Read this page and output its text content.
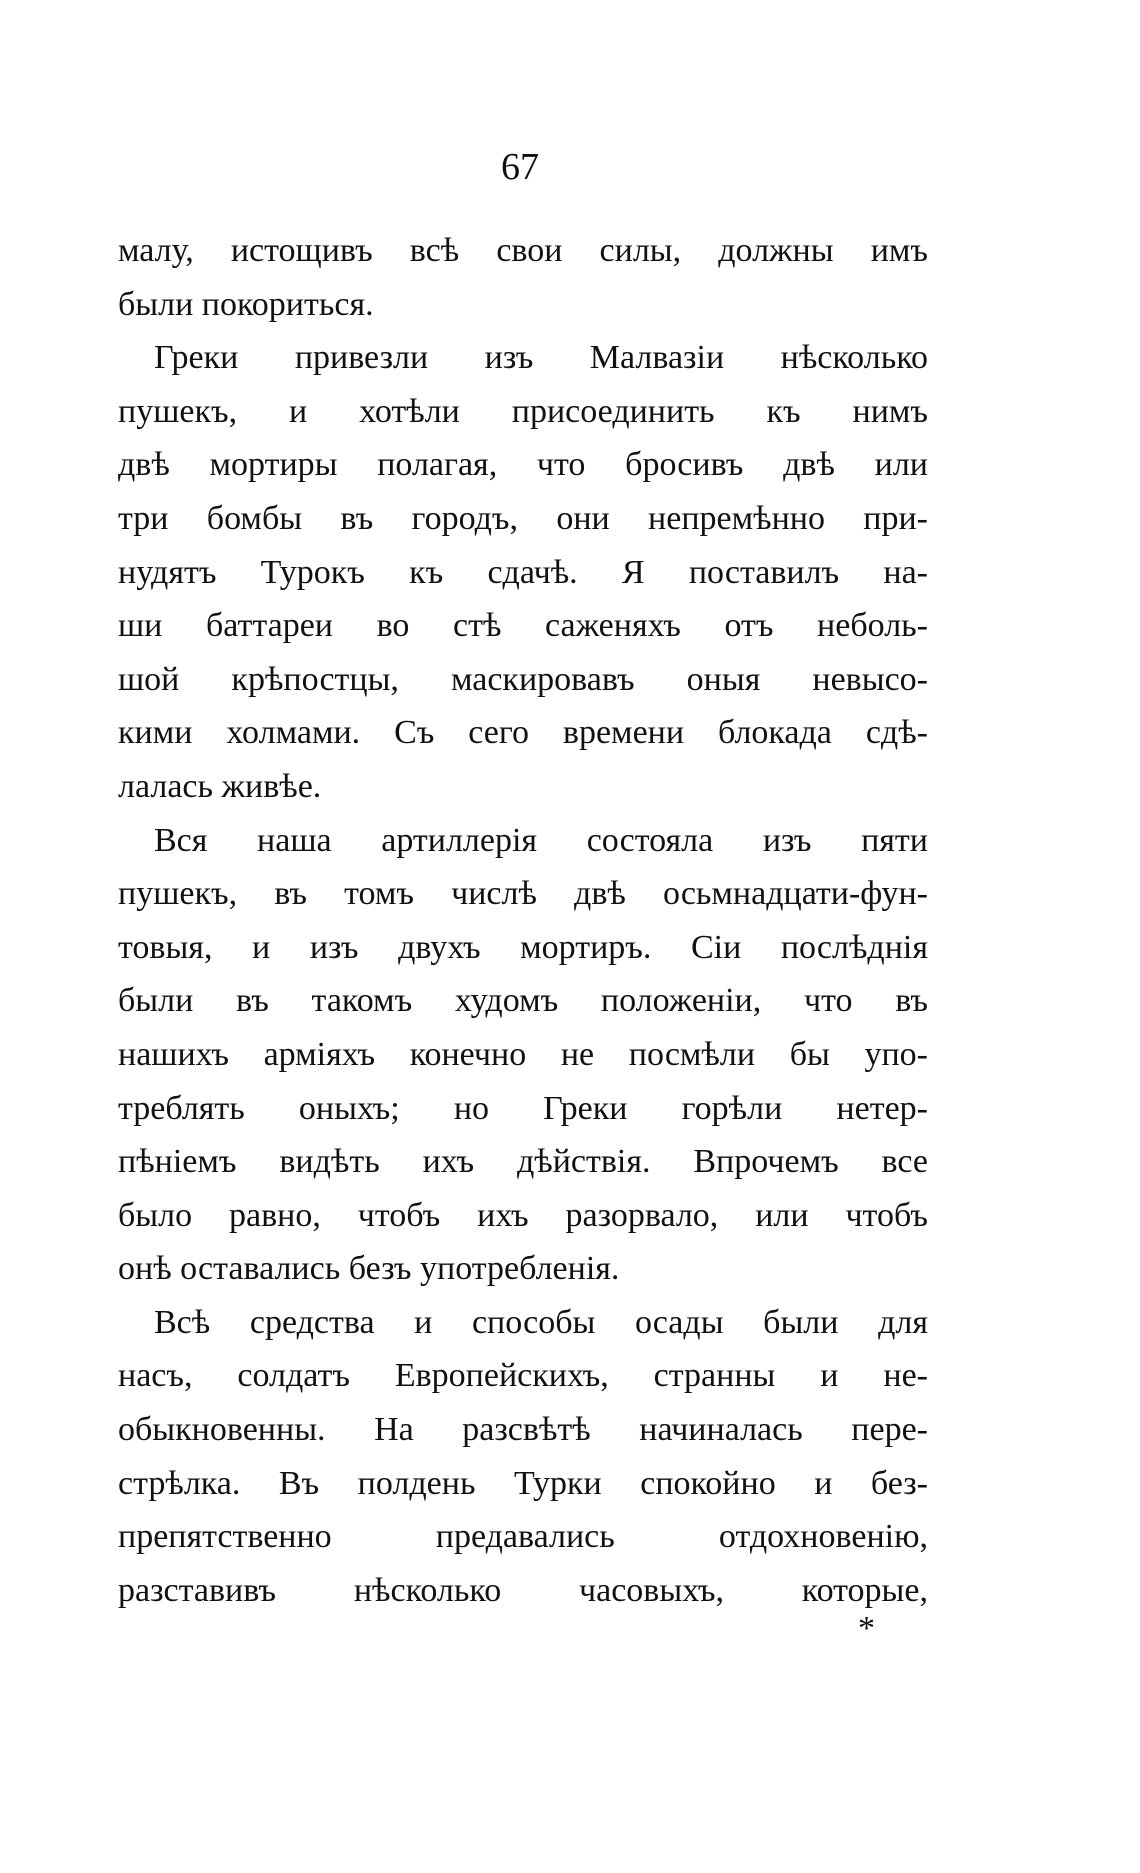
67
малу, истощивъ всѣ свои силы, должны имъ
были покориться.
Греки привезли изъ Малвазіи нѣсколько
пушекъ, и хотѣли присоединить къ нимъ
двѣ мортиры полагая, что бросивъ двѣ или
три бомбы въ городъ, они непремѣнно при-
нудятъ Турокъ къ сдачѣ. Я поставилъ на-
ши баттареи во стѣ саженяхъ отъ неболь-
шой крѣпостцы, маскировавъ оныя невысо-
кими холмами. Съ сего времени блокада сдѣ-
лалась живѣе.
Вся наша артиллерія состояла изъ пяти
пушекъ, въ томъ числѣ двѣ осьмнадцати-фун-
товыя, и изъ двухъ мортиръ. Сіи послѣднія
были въ такомъ худомъ положеніи, что въ
нашихъ арміяхъ конечно не посмѣли бы упо-
треблять оныхъ; но Греки горѣли нетер-
пѣніемъ видѣть ихъ дѣйствія. Впрочемъ все
было равно, чтобъ ихъ разорвало, или чтобъ
онѣ оставались безъ употребленія.
Всѣ средства и способы осады были для
насъ, солдатъ Европейскихъ, странны и не-
обыкновенны. На разсвѣтѣ начиналась пере-
стрѣлка. Въ полдень Турки спокойно и без-
препятственно предавались отдохновенію,
разставивъ нѣсколько часовыхъ, которые,
*
